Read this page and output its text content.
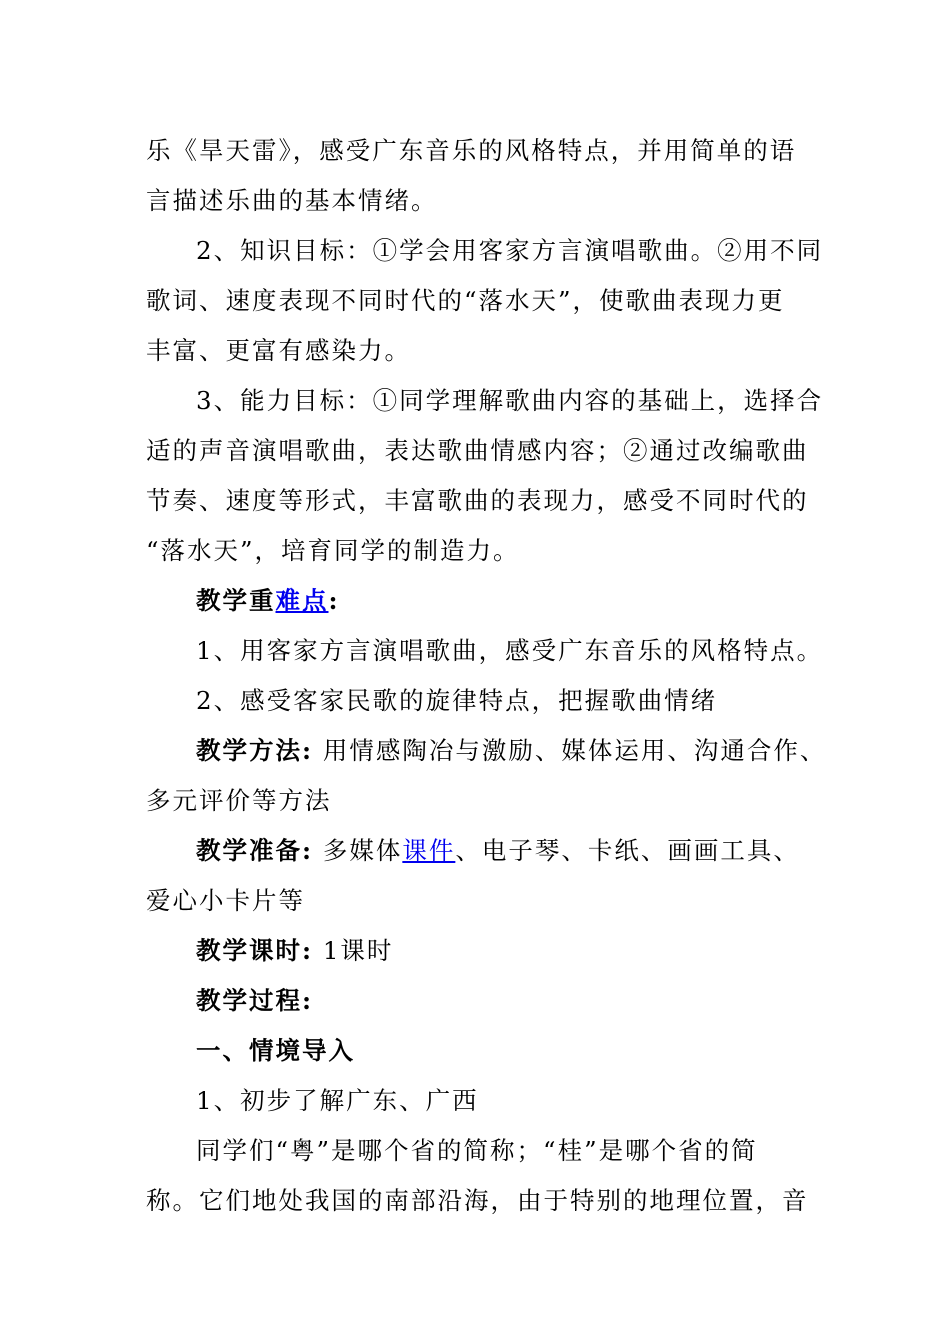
乐《旱天雷》，感受广东音乐的风格特点，并用简单的语
言描述乐曲的基本情绪。
2、知识目标：①学会用客家方言演唱歌曲。②用不同
歌词、速度表现不同时代的“落水天”，使歌曲表现力更
丰富、更富有感染力。
3、能力目标：①同学理解歌曲内容的基础上，选择合
适的声音演唱歌曲，表达歌曲情感内容；②通过改编歌曲
节奏、速度等形式，丰富歌曲的表现力，感受不同时代的
“落水天”，培育同学的制造力。
教学重难点:
1、用客家方言演唱歌曲，感受广东音乐的风格特点。
2、感受客家民歌的旋律特点，把握歌曲情绪
教学方法: 用情感陶冶与激励、媒体运用、沟通合作、
多元评价等方法
教学准备: 多媒体课件、电子琴、卡纸、画画工具、
爱心小卡片等
教学课时: 1课时
教学过程:
一、情境导入
1、初步了解广东、广西
同学们“粤”是哪个省的简称；“桂”是哪个省的简
称。它们地处我国的南部沿海，由于特别的地理位置，音
